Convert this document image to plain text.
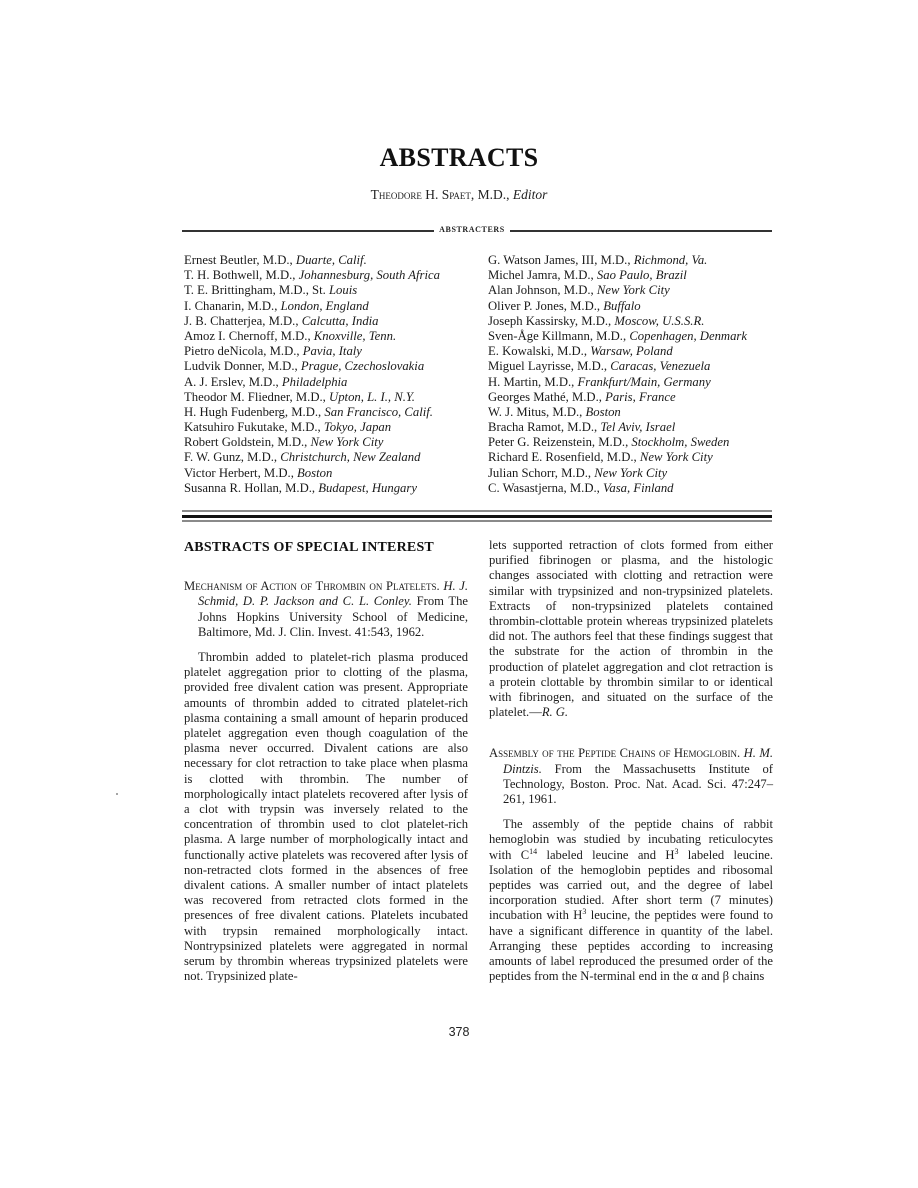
ABSTRACTS
Theodore H. Spaet, M.D., Editor
ABSTRACTERS
Ernest Beutler, M.D., Duarte, Calif.
T. H. Bothwell, M.D., Johannesburg, South Africa
T. E. Brittingham, M.D., St. Louis
I. Chanarin, M.D., London, England
J. B. Chatterjea, M.D., Calcutta, India
Amoz I. Chernoff, M.D., Knoxville, Tenn.
Pietro deNicola, M.D., Pavia, Italy
Ludvik Donner, M.D., Prague, Czechoslovakia
A. J. Erslev, M.D., Philadelphia
Theodor M. Fliedner, M.D., Upton, L. I., N.Y.
H. Hugh Fudenberg, M.D., San Francisco, Calif.
Katsuhiro Fukutake, M.D., Tokyo, Japan
Robert Goldstein, M.D., New York City
F. W. Gunz, M.D., Christchurch, New Zealand
Victor Herbert, M.D., Boston
Susanna R. Hollan, M.D., Budapest, Hungary
G. Watson James, III, M.D., Richmond, Va.
Michel Jamra, M.D., Sao Paulo, Brazil
Alan Johnson, M.D., New York City
Oliver P. Jones, M.D., Buffalo
Joseph Kassirsky, M.D., Moscow, U.S.S.R.
Sven-Åge Killmann, M.D., Copenhagen, Denmark
E. Kowalski, M.D., Warsaw, Poland
Miguel Layrisse, M.D., Caracas, Venezuela
H. Martin, M.D., Frankfurt/Main, Germany
Georges Mathé, M.D., Paris, France
W. J. Mitus, M.D., Boston
Bracha Ramot, M.D., Tel Aviv, Israel
Peter G. Reizenstein, M.D., Stockholm, Sweden
Richard E. Rosenfield, M.D., New York City
Julian Schorr, M.D., New York City
C. Wasastjerna, M.D., Vasa, Finland
ABSTRACTS OF SPECIAL INTEREST
Mechanism of Action of Thrombin on Platelets. H. J. Schmid, D. P. Jackson and C. L. Conley. From The Johns Hopkins University School of Medicine, Baltimore, Md. J. Clin. Invest. 41:543, 1962.
Thrombin added to platelet-rich plasma produced platelet aggregation prior to clotting of the plasma, provided free divalent cation was present. Appropriate amounts of thrombin added to citrated platelet-rich plasma containing a small amount of heparin produced platelet aggregation even though coagulation of the plasma never occurred. Divalent cations are also necessary for clot retraction to take place when plasma is clotted with thrombin. The number of morphologically intact platelets recovered after lysis of a clot with trypsin was inversely related to the concentration of thrombin used to clot platelet-rich plasma. A large number of morphologically intact and functionally active platelets was recovered after lysis of non-retracted clots formed in the absences of free divalent cations. A smaller number of intact platelets was recovered from retracted clots formed in the presences of free divalent cations. Platelets incubated with trypsin remained morphologically intact. Nontrypsinized platelets were aggregated in normal serum by thrombin whereas trypsinized platelets were not. Trypsinized plate-
lets supported retraction of clots formed from either purified fibrinogen or plasma, and the histologic changes associated with clotting and retraction were similar with trypsinized and non-trypsinized platelets. Extracts of non-trypsinized platelets contained thrombin-clottable protein whereas trypsinized platelets did not. The authors feel that these findings suggest that the substrate for the action of thrombin in the production of platelet aggregation and clot retraction is a protein clottable by thrombin similar to or identical with fibrinogen, and situated on the surface of the platelet.—R. G.
Assembly of the Peptide Chains of Hemoglobin. H. M. Dintzis. From the Massachusetts Institute of Technology, Boston. Proc. Nat. Acad. Sci. 47:247–261, 1961.
The assembly of the peptide chains of rabbit hemoglobin was studied by incubating reticulocytes with $C^{14}$ labeled leucine and $H^3$ labeled leucine. Isolation of the hemoglobin peptides and ribosomal peptides was carried out, and the degree of label incorporation studied. After short term (7 minutes) incubation with $H^3$ leucine, the peptides were found to have a significant difference in quantity of the label. Arranging these peptides according to increasing amounts of label reproduced the presumed order of the peptides from the N-terminal end in the α and β chains
378
